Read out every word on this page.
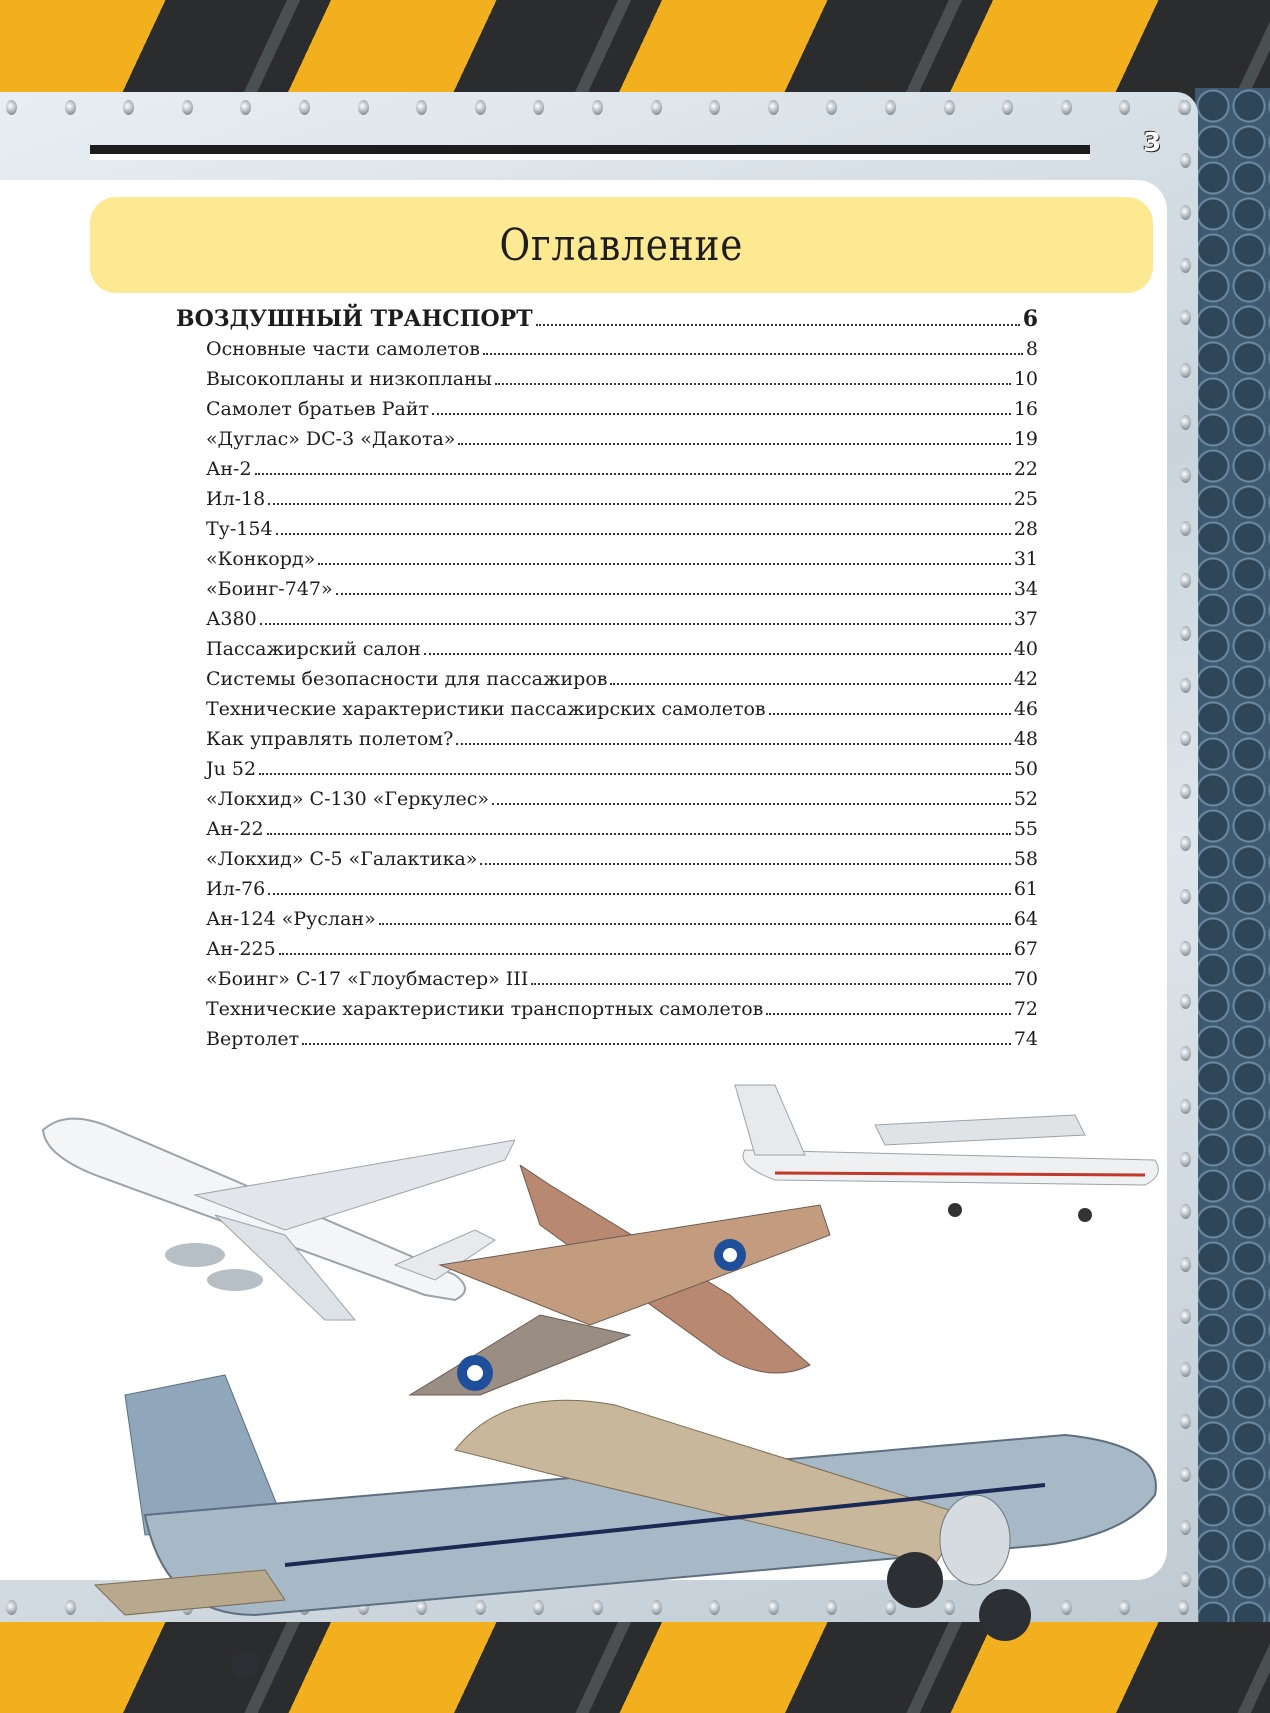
3
Оглавление
ВОЗДУШНЫЙ ТРАНСПОРТ	6
Основные части самолетов	8
Высокопланы и низкопланы	10
Самолет братьев Райт	16
«Дуглас» DC-3 «Дакота»	19
Ан-2	22
Ил-18	25
Ту-154	28
«Конкорд»	31
«Боинг-747»	34
А380	37
Пассажирский салон	40
Системы безопасности для пассажиров	42
Технические характеристики пассажирских самолетов	46
Как управлять полетом?	48
Ju 52	50
«Локхид» С-130 «Геркулес»	52
Ан-22	55
«Локхид» С-5 «Галактика»	58
Ил-76	61
Ан-124 «Руслан»	64
Ан-225	67
«Боинг» С-17 «Глоубмастер» III	70
Технические характеристики транспортных самолетов	72
Вертолет	74
